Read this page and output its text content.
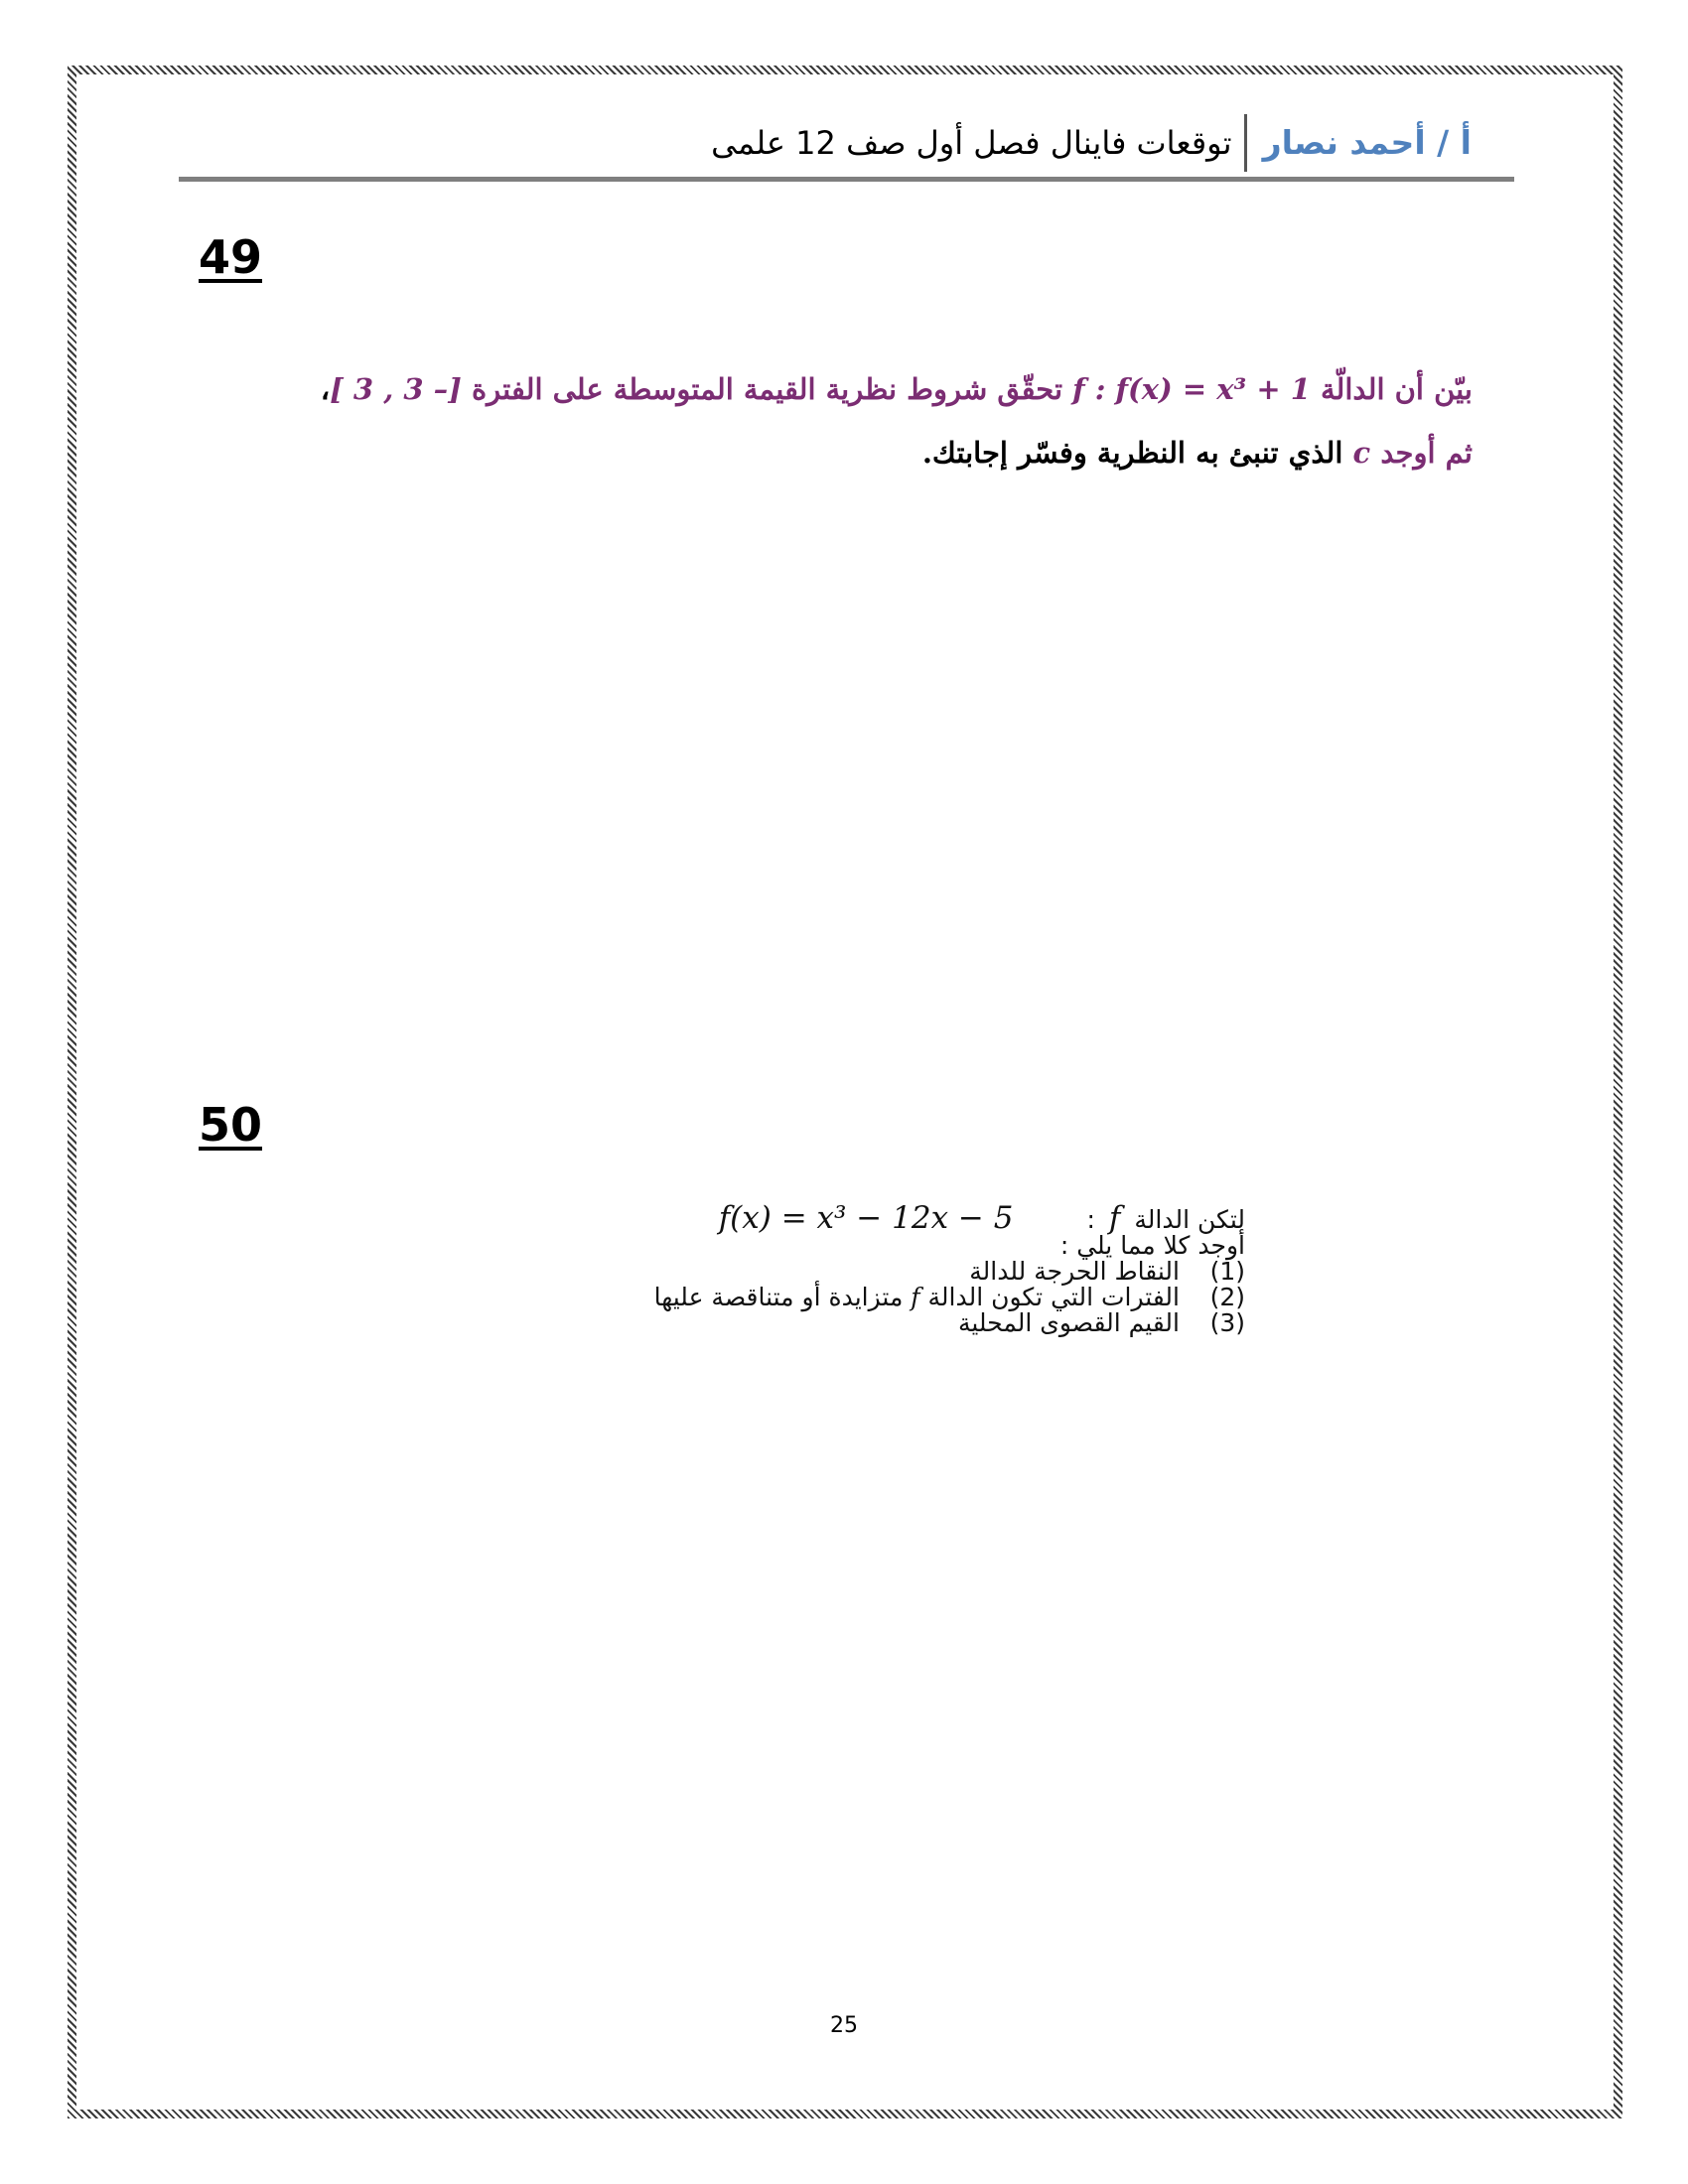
أ / أحمد نصار
توقعات فاينال فصل أول صف 12 علمى
49
بيّن أن الدالّة f : f(x) = x³ + 1 تحقّق شروط نظرية القيمة المتوسطة على الفترة [ 3 , 3 –]،
ثم أوجد c الذي تنبئ به النظرية وفسّر إجابتك.
50
لتكن الدالة
f
:
f(x) = x³ − 12x − 5
أوجد كلا مما يلي :
(1)النقاط الحرجة للدالة
(2)الفترات التي تكون الدالة f متزايدة أو متناقصة عليها
(3)القيم القصوى المحلية
25
